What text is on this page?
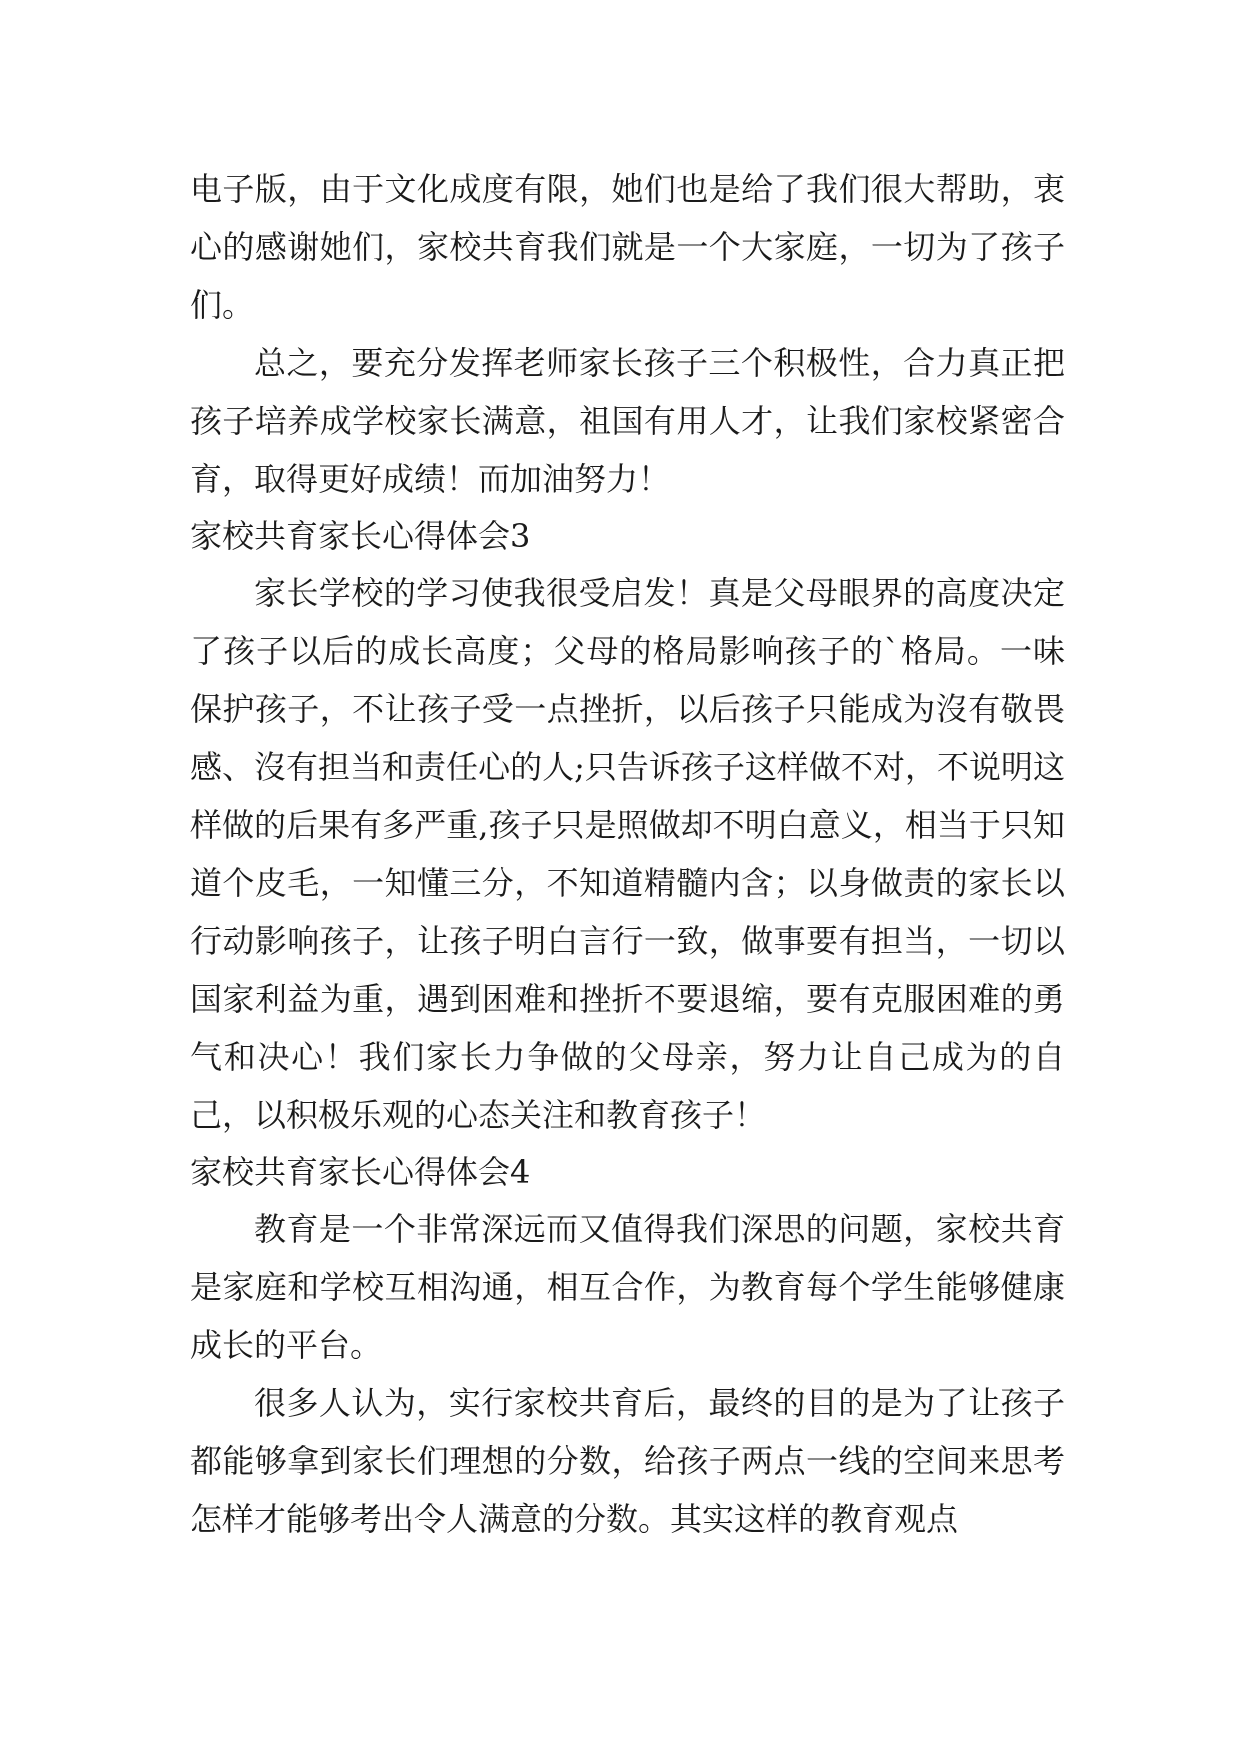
电子版，由于文化成度有限，她们也是给了我们很大帮助，衷心的感谢她们，家校共育我们就是一个大家庭，一切为了孩子们。

总之，要充分发挥老师家长孩子三个积极性，合力真正把孩子培养成学校家长满意，祖国有用人才，让我们家校紧密合育，取得更好成绩！而加油努力！

家校共育家长心得体会3

家长学校的学习使我很受启发！真是父母眼界的高度决定了孩子以后的成长高度；父母的格局影响孩子的`格局。一味保护孩子，不让孩子受一点挫折，以后孩子只能成为沒有敬畏感、沒有担当和责任心的人;只告诉孩子这样做不对，不说明这样做的后果有多严重,孩子只是照做却不明白意义，相当于只知道个皮毛，一知懂三分，不知道精髓内含；以身做责的家长以行动影响孩子，让孩子明白言行一致，做事要有担当，一切以国家利益为重，遇到困难和挫折不要退缩，要有克服困难的勇气和决心！我们家长力争做的父母亲，努力让自己成为的自己，以积极乐观的心态关注和教育孩子！

家校共育家长心得体会4

教育是一个非常深远而又值得我们深思的问题，家校共育是家庭和学校互相沟通，相互合作，为教育每个学生能够健康成长的平台。

很多人认为，实行家校共育后，最终的目的是为了让孩子都能够拿到家长们理想的分数，给孩子两点一线的空间来思考怎样才能够考出令人满意的分数。其实这样的教育观点
